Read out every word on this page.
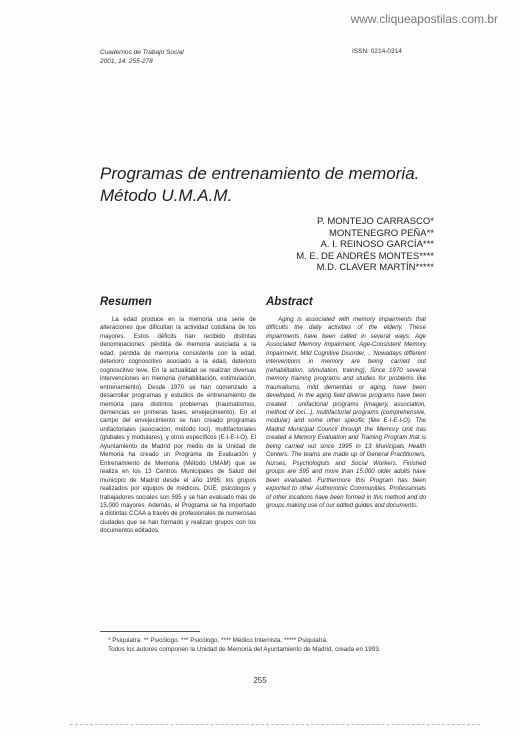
www.cliqueapostilas.com.br
Cuadernos de Trabajo Social
2001, 14: 255-278
ISSN: 0214-0314
Programas de entrenamiento de memoria.
Método U.M.A.M.
P. MONTEJO CARRASCO*
MONTENEGRO PEÑA**
A. I. REINOSO GARCÍA***
M. E. DE ANDRÉS MONTES****
M.D. CLAVER MARTÍN*****
Resumen

La edad produce en la memoria una serie de alteraciones que dificultan la actividad cotidiana de los mayores. Estos déficits han recibido distintas denominaciones: pérdida de memoria asociada a la edad, pérdida de memoria consistente con la edad, deterioro cognoscitivo asociado a la edad, deterioro cognoscitivo leve. En la actualidad se realizan diversas intervenciones en memoria (rehabilitación, estimulación, entrenamiento). Desde 1970 se han comenzado a desarrollar programas y estudios de entrenamiento de memoria para distintos problemas (traumatismos, demencias en primeras fases, envejecimiento). En el campo del envejecimiento se han creado programas unifactoriales (asociación, método loci), multifactoriales (globales y modulares), y otros específicos (E-I-E-I-O). El Ayuntamiento de Madrid por medio de la Unidad de Memoria ha creado un Programa de Evaluación y Entrenamiento de Memoria (Método UMAM) que se realiza en los 13 Centros Municipales de Salud del municipio de Madrid desde el año 1995; los grupos realizados por equipos de médicos, DUE, psicólogos y trabajadores sociales son 595 y se han evaluado más de 15.000 mayores. Además, el Programa se ha importado a distintas CCAA a través de profesionales de numerosas ciudades que se han formado y realizan grupos con los documentos editados.

Abstract

Aging is associated with memory impairments that difficults the daily activities of the elderly. These impairments have been called in several ways: Age Associated Memory Impairment, Age-Consistent Memory Impairment, Mild Cognitive Disorder, .. Nowadays different interventions in memory are being carried out (rehabilitation, stimulation, training). Since 1970 several memory training programs and studies for problems like traumatisms, mild dementias or aging, have been developed. In the aging field diverse programs have been created : unifactorial programs (imagery, association, method of loci...), multifactorial programs (comprehensive, modular) and some other specific (like E-I-E-I-O). The Madrid Municipal Council through the Memory Unit has created a Memory Evaluation and Training Program that is being carried out since 1995 in 13 Municipals Health Centers. The teams are made up of General Practitioners, Nurses, Psychologists and Social Workers. Finished groups are 595 and more than 15.000 older adults have been evaluated. Furthermore this Program has been exported to other Authonomic Communities. Professionals of other locations have been formed in this method and do groups making use of our edited guides and documents.

* Psiquiatra. ** Psicólogo. *** Psicólogo. **** Médico Internista. ***** Psiquiatra.
Todos los autores componen la Unidad de Memoria del Ayuntamiento de Madrid, creada en 1993.
255
